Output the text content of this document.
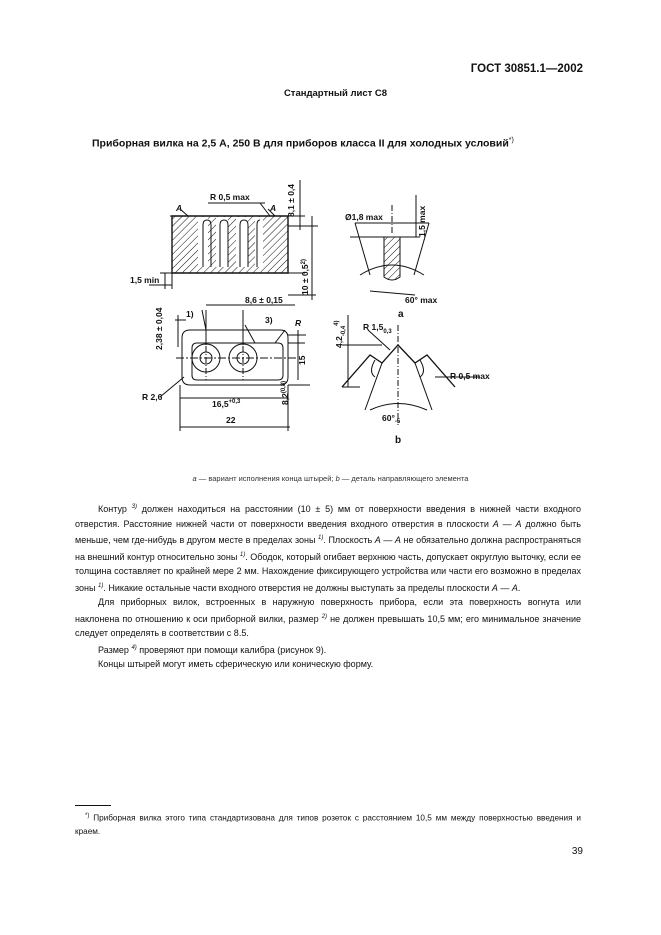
ГОСТ 30851.1—2002
Стандартный лист С8
Приборная вилка на 2,5 А, 250 В для приборов класса II для холодных условий*)
A	A
R 0,5 max	8,1 ± 0,4
$10 \pm 0,5^{2)}$
1,5 min
Ø1,8 max	1,5 max
60° max
a
1)
3)	R
8,6 ± 0,15
2,38 ± 0,04
15
8,2$^{(0,8)}$
R 2,6
$16,5^{+0,3}$
22
$4,2_{-0,4}^{4)}$	R $1,5_{0,3}$
R 0,5 max
$60^\circ_{-5}$
b
а — вариант исполнения конца штырей; b — деталь направляющего элемента

Контур $^{3)}$ должен находиться на расстоянии (10 ± 5) мм от поверхности введения в нижней части входного отверстия. Расстояние нижней части от поверхности введения входного отверстия в плоскости А — А должно быть меньше, чем где-нибудь в другом месте в пределах зоны $^{1)}$. Плоскость А — А не обязательно должна распространяться на внешний контур относительно зоны $^{1)}$. Ободок, который огибает верхнюю часть, допускает округлую выточку, если ее толщина составляет по крайней мере 2 мм. Нахождение фиксирующего устройства или части его возможно в пределах зоны $^{1)}$. Никакие остальные части входного отверстия не должны выступать за пределы плоскости А — А.

Для приборных вилок, встроенных в наружную поверхность прибора, если эта поверхность вогнута или наклонена по отношению к оси приборной вилки, размер $^{2)}$ не должен превышать 10,5 мм; его минимальное значение следует определять в соответствии с 8.5.

Размер $^{4)}$ проверяют при помощи калибра (рисунок 9).

Концы штырей могут иметь сферическую или коническую форму.

*) Приборная вилка этого типа стандартизована для типов розеток с расстоянием 10,5 мм между поверхностью введения и краем.
39
